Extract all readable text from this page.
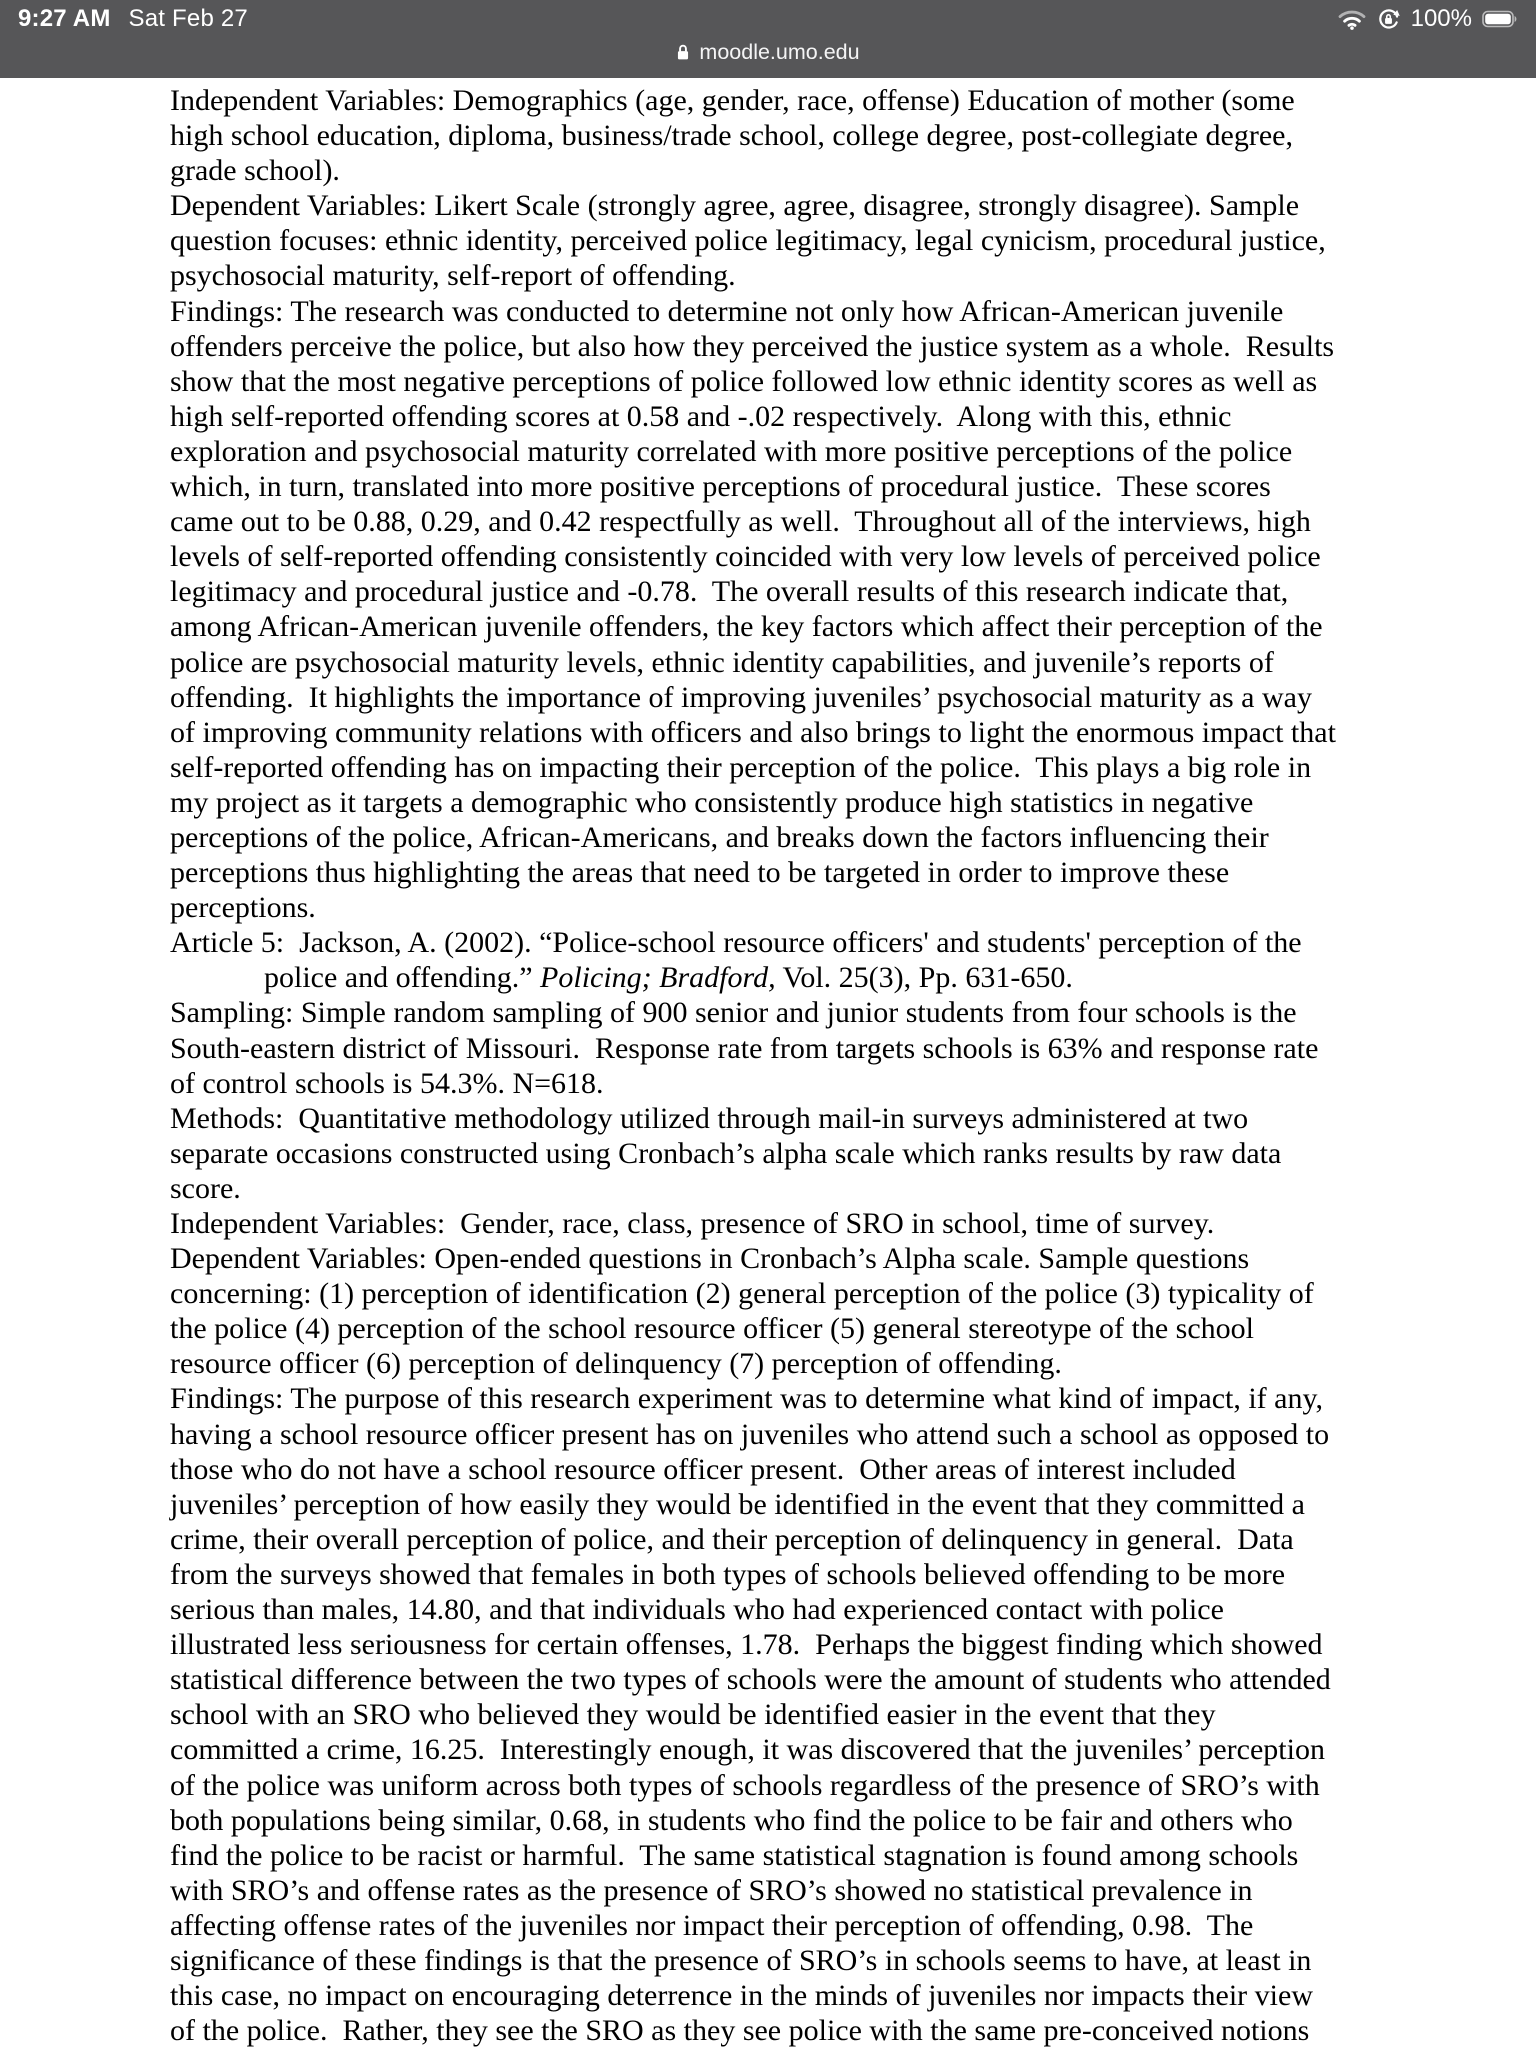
9:27 AM Sat Feb 27	100%
moodle.umo.edu
Independent Variables: Demographics (age, gender, race, offense) Education of mother (some
high school education, diploma, business/trade school, college degree, post-collegiate degree,
grade school).
Dependent Variables: Likert Scale (strongly agree, agree, disagree, strongly disagree). Sample
question focuses: ethnic identity, perceived police legitimacy, legal cynicism, procedural justice,
psychosocial maturity, self-report of offending.
Findings: The research was conducted to determine not only how African-American juvenile
offenders perceive the police, but also how they perceived the justice system as a whole.  Results
show that the most negative perceptions of police followed low ethnic identity scores as well as
high self-reported offending scores at 0.58 and -.02 respectively.  Along with this, ethnic
exploration and psychosocial maturity correlated with more positive perceptions of the police
which, in turn, translated into more positive perceptions of procedural justice.  These scores
came out to be 0.88, 0.29, and 0.42 respectfully as well.  Throughout all of the interviews, high
levels of self-reported offending consistently coincided with very low levels of perceived police
legitimacy and procedural justice and -0.78.  The overall results of this research indicate that,
among African-American juvenile offenders, the key factors which affect their perception of the
police are psychosocial maturity levels, ethnic identity capabilities, and juvenile’s reports of
offending.  It highlights the importance of improving juveniles’ psychosocial maturity as a way
of improving community relations with officers and also brings to light the enormous impact that
self-reported offending has on impacting their perception of the police.  This plays a big role in
my project as it targets a demographic who consistently produce high statistics in negative
perceptions of the police, African-Americans, and breaks down the factors influencing their
perceptions thus highlighting the areas that need to be targeted in order to improve these
perceptions.
Article 5:  Jackson, A. (2002). “Police-school resource officers' and students' perception of the
police and offending.” Policing; Bradford, Vol. 25(3), Pp. 631-650.
Sampling: Simple random sampling of 900 senior and junior students from four schools is the
South-eastern district of Missouri.  Response rate from targets schools is 63% and response rate
of control schools is 54.3%. N=618.
Methods:  Quantitative methodology utilized through mail-in surveys administered at two
separate occasions constructed using Cronbach’s alpha scale which ranks results by raw data
score.
Independent Variables:  Gender, race, class, presence of SRO in school, time of survey.
Dependent Variables: Open-ended questions in Cronbach’s Alpha scale. Sample questions
concerning: (1) perception of identification (2) general perception of the police (3) typicality of
the police (4) perception of the school resource officer (5) general stereotype of the school
resource officer (6) perception of delinquency (7) perception of offending.
Findings: The purpose of this research experiment was to determine what kind of impact, if any,
having a school resource officer present has on juveniles who attend such a school as opposed to
those who do not have a school resource officer present.  Other areas of interest included
juveniles’ perception of how easily they would be identified in the event that they committed a
crime, their overall perception of police, and their perception of delinquency in general.  Data
from the surveys showed that females in both types of schools believed offending to be more
serious than males, 14.80, and that individuals who had experienced contact with police
illustrated less seriousness for certain offenses, 1.78.  Perhaps the biggest finding which showed
statistical difference between the two types of schools were the amount of students who attended
school with an SRO who believed they would be identified easier in the event that they
committed a crime, 16.25.  Interestingly enough, it was discovered that the juveniles’ perception
of the police was uniform across both types of schools regardless of the presence of SRO’s with
both populations being similar, 0.68, in students who find the police to be fair and others who
find the police to be racist or harmful.  The same statistical stagnation is found among schools
with SRO’s and offense rates as the presence of SRO’s showed no statistical prevalence in
affecting offense rates of the juveniles nor impact their perception of offending, 0.98.  The
significance of these findings is that the presence of SRO’s in schools seems to have, at least in
this case, no impact on encouraging deterrence in the minds of juveniles nor impacts their view
of the police.  Rather, they see the SRO as they see police with the same pre-conceived notions
